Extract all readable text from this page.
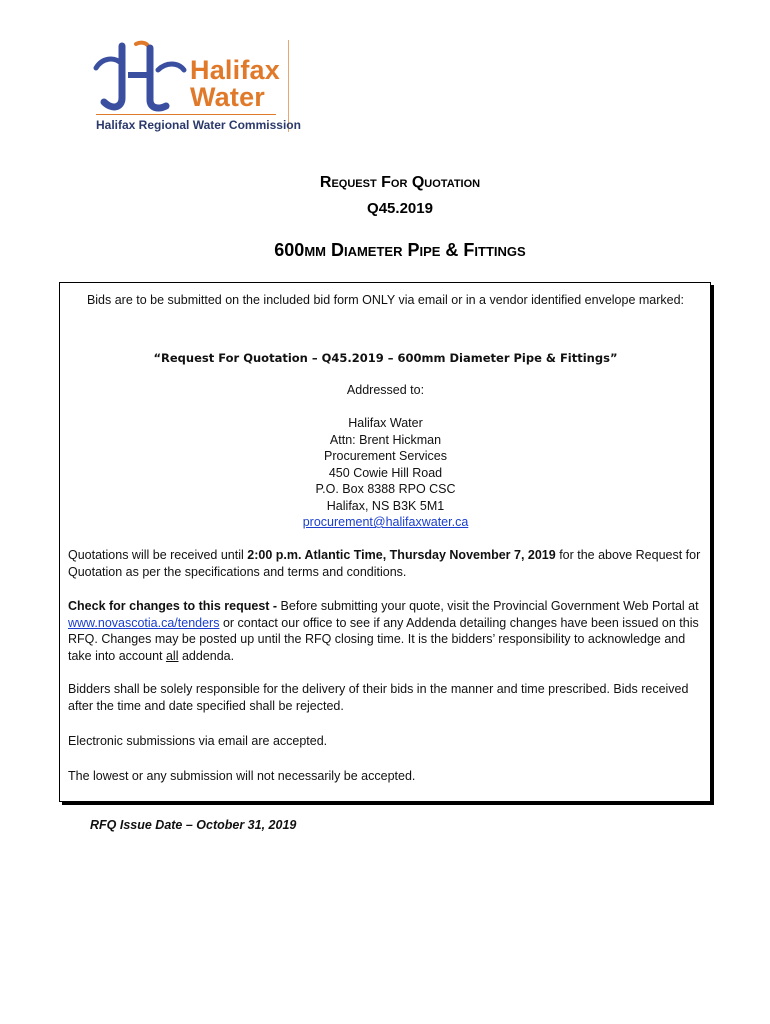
Halifax
Water
Halifax Regional Water Commission
Request For Quotation
Q45.2019
600mm Diameter Pipe & Fittings
Bids are to be submitted on the included bid form ONLY via email or in a vendor identified envelope marked:
“Request For Quotation – Q45.2019 – 600mm Diameter Pipe & Fittings”
Addressed to:
Halifax Water
Attn: Brent Hickman
Procurement Services
450 Cowie Hill Road
P.O. Box 8388 RPO CSC
Halifax, NS B3K 5M1
procurement@halifaxwater.ca
Quotations will be received until 2:00 p.m. Atlantic Time, Thursday November 7, 2019 for the above Request for Quotation as per the specifications and terms and conditions.
Check for changes to this request - Before submitting your quote, visit the Provincial Government Web Portal at www.novascotia.ca/tenders or contact our office to see if any Addenda detailing changes have been issued on this RFQ. Changes may be posted up until the RFQ closing time. It is the bidders’ responsibility to acknowledge and take into account all addenda.
Bidders shall be solely responsible for the delivery of their bids in the manner and time prescribed. Bids received after the time and date specified shall be rejected.
Electronic submissions via email are accepted.
The lowest or any submission will not necessarily be accepted.
RFQ Issue Date – October 31, 2019
